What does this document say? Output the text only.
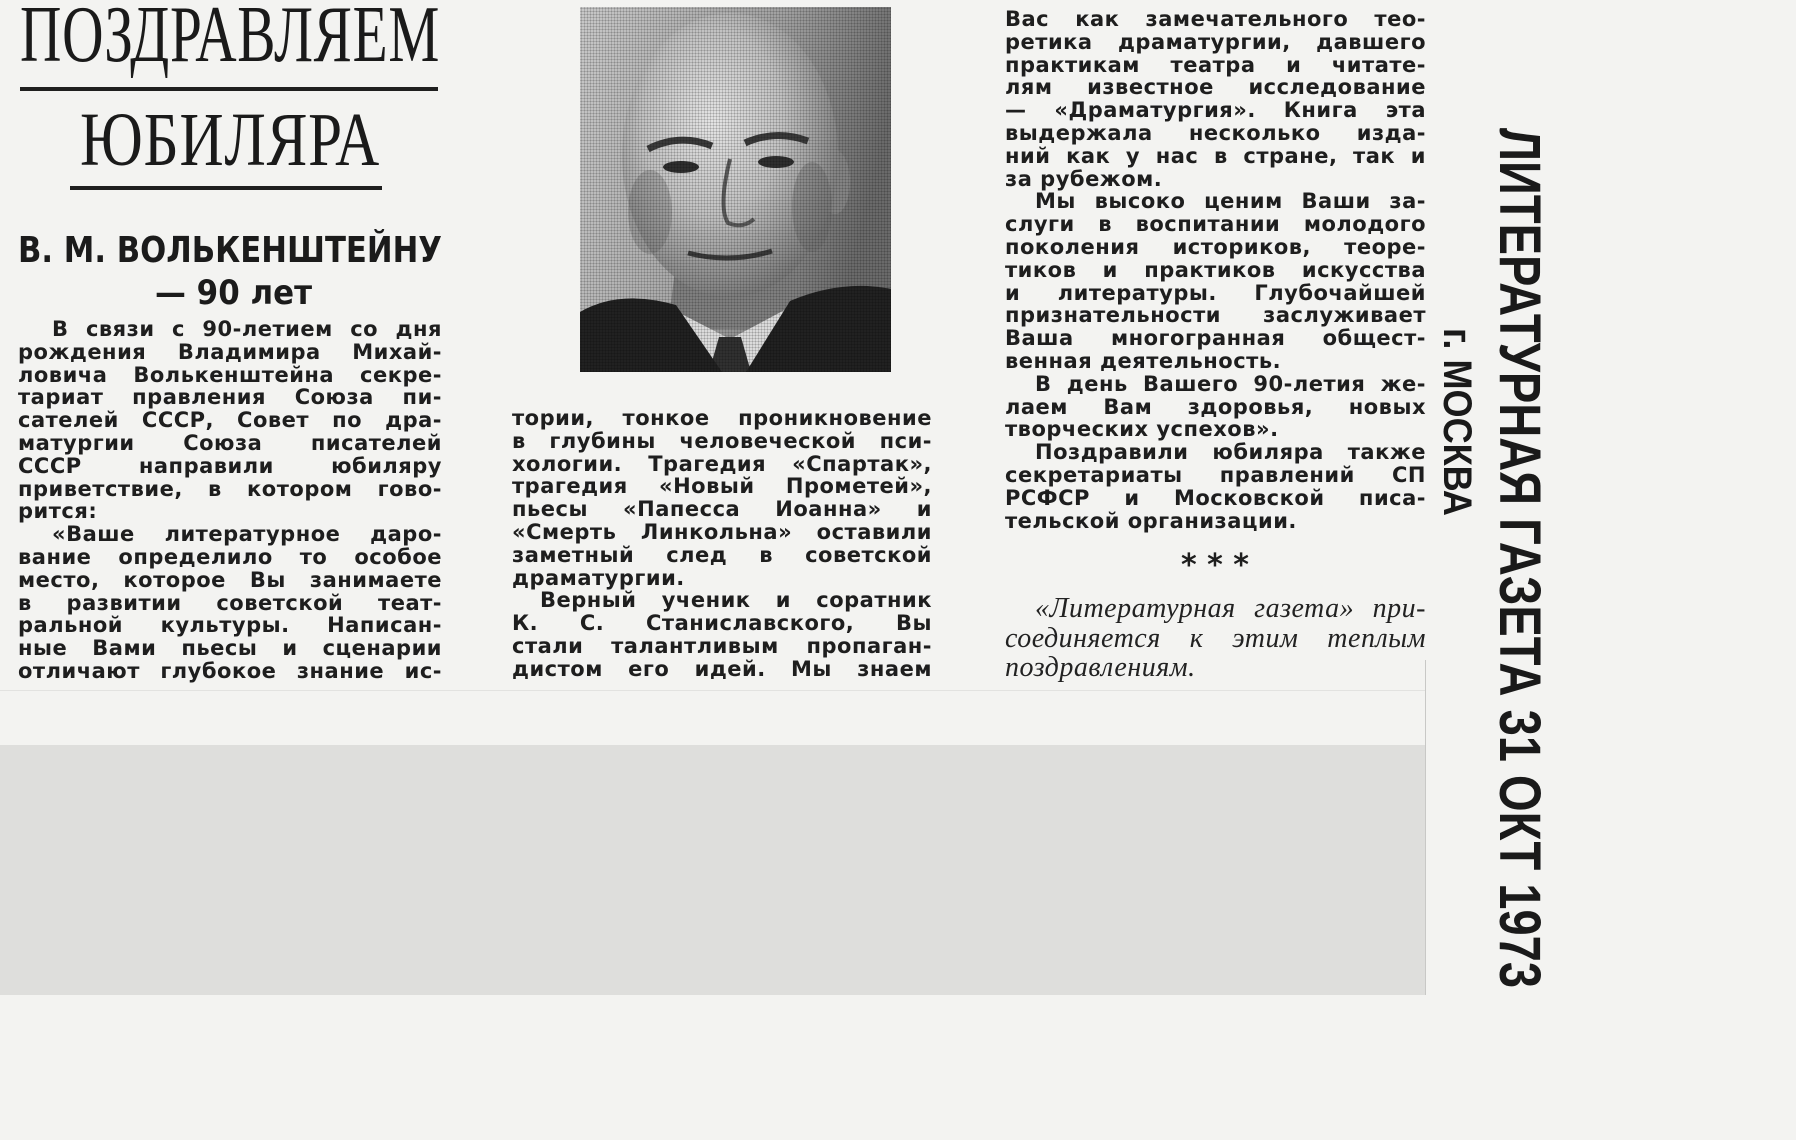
ПОЗДРАВЛЯЕМ
ЮБИЛЯРА
В. М. ВОЛЬКЕНШТЕЙНУ
— 90 лет
В связи с 90-летием со дня
рождения Владимира Михай-
ловича Волькенштейна секре-
тариат правления Союза пи-
сателей СССР, Совет по дра-
матургии Союза писателей
СССР направили юбиляру
приветствие, в котором гово-
рится:
«Ваше литературное даро-
вание определило то особое
место, которое Вы занимаете
в развитии советской теат-
ральной культуры. Написан-
ные Вами пьесы и сценарии
отличают глубокое знание ис-
тории, тонкое проникновение
в глубины человеческой пси-
хологии. Трагедия «Спартак»,
трагедия «Новый Прометей»,
пьесы «Папесса Иоанна» и
«Смерть Линкольна» оставили
заметный след в советской
драматургии.
Верный ученик и соратник
К. С. Станиславского, Вы
стали талантливым пропаган-
дистом его идей. Мы знаем
Вас как замечательного тео-
ретика драматургии, давшего
практикам театра и читате-
лям известное исследование
— «Драматургия». Книга эта
выдержала несколько изда-
ний как у нас в стране, так и
за рубежом.
Мы высоко ценим Ваши за-
слуги в воспитании молодого
поколения историков, теоре-
тиков и практиков искусства
и литературы. Глубочайшей
признательности заслуживает
Ваша многогранная общест-
венная деятельность.
В день Вашего 90-летия же-
лаем Вам здоровья, новых
творческих успехов».
Поздравили юбиляра также
секретариаты правлений СП
РСФСР и Московской писа-
тельской организации.
* * *
«Литературная газета» при-
соединяется к этим теплым
поздравлениям.	ЛИТЕРАТУРНАЯ ГАЗЕТА 31 ОКТ 1973
г. МОСКВА
